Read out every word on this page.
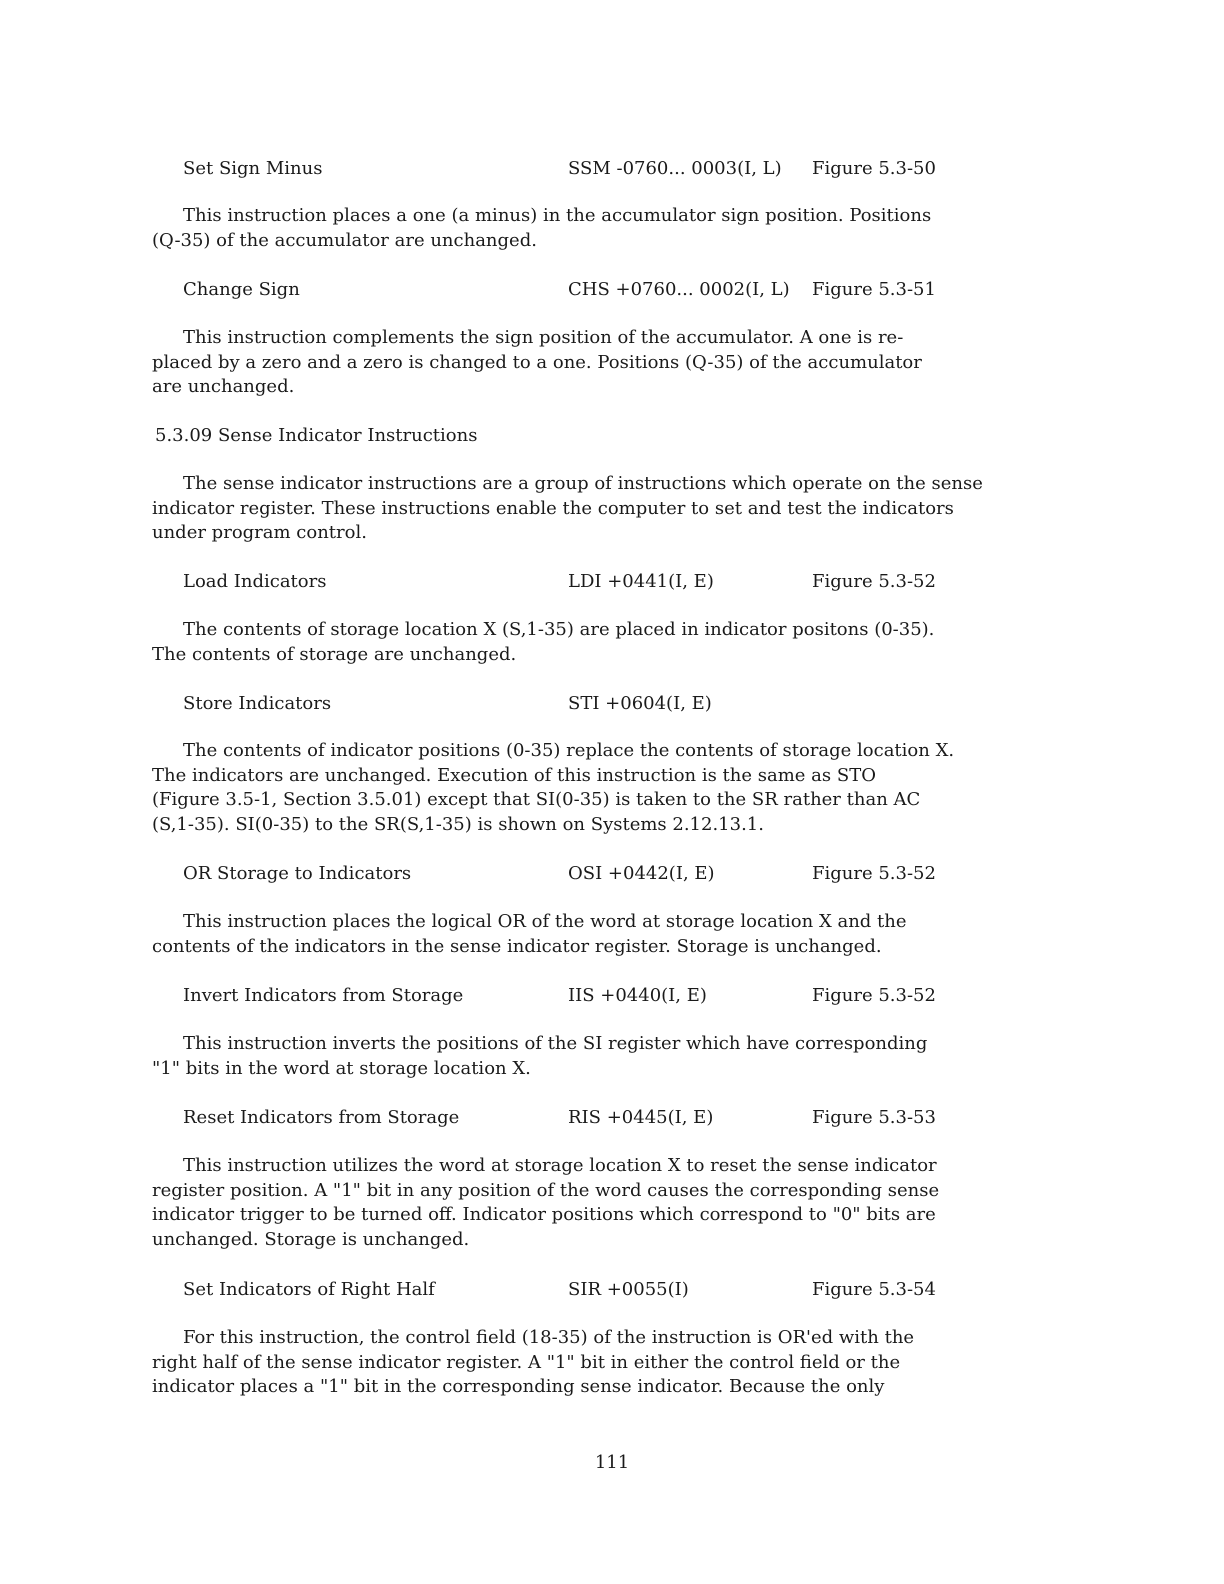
Set Sign Minus	SSM -0760... 0003(I, L) Figure 5.3-50
This instruction places a one (a minus) in the accumulator sign position. Positions
(Q-35) of the accumulator are unchanged.
Change Sign	CHS +0760... 0002(I, L) Figure 5.3-51
This instruction complements the sign position of the accumulator. A one is re-
placed by a zero and a zero is changed to a one. Positions (Q-35) of the accumulator
are unchanged.
5.3.09 Sense Indicator Instructions
The sense indicator instructions are a group of instructions which operate on the sense
indicator register. These instructions enable the computer to set and test the indicators
under program control.
Load Indicators	LDI +0441(I, E)	Figure 5.3-52
The contents of storage location X (S,1-35) are placed in indicator positons (0-35).
The contents of storage are unchanged.
Store Indicators	STI +0604(I, E)
The contents of indicator positions (0-35) replace the contents of storage location X.
The indicators are unchanged. Execution of this instruction is the same as STO
(Figure 3.5-1, Section 3.5.01) except that SI(0-35) is taken to the SR rather than AC
(S,1-35). SI(0-35) to the SR(S,1-35) is shown on Systems 2.12.13.1.
OR Storage to Indicators	OSI +0442(I, E)	Figure 5.3-52
This instruction places the logical OR of the word at storage location X and the
contents of the indicators in the sense indicator register. Storage is unchanged.
Invert Indicators from Storage	IIS +0440(I, E)	Figure 5.3-52
This instruction inverts the positions of the SI register which have corresponding
"1" bits in the word at storage location X.
Reset Indicators from Storage	RIS +0445(I, E)	Figure 5.3-53
This instruction utilizes the word at storage location X to reset the sense indicator
register position. A "1" bit in any position of the word causes the corresponding sense
indicator trigger to be turned off. Indicator positions which correspond to "0" bits are
unchanged. Storage is unchanged.
Set Indicators of Right Half	SIR +0055(I)	Figure 5.3-54
For this instruction, the control field (18-35) of the instruction is OR'ed with the
right half of the sense indicator register. A "1" bit in either the control field or the
indicator places a "1" bit in the corresponding sense indicator. Because the only
111
